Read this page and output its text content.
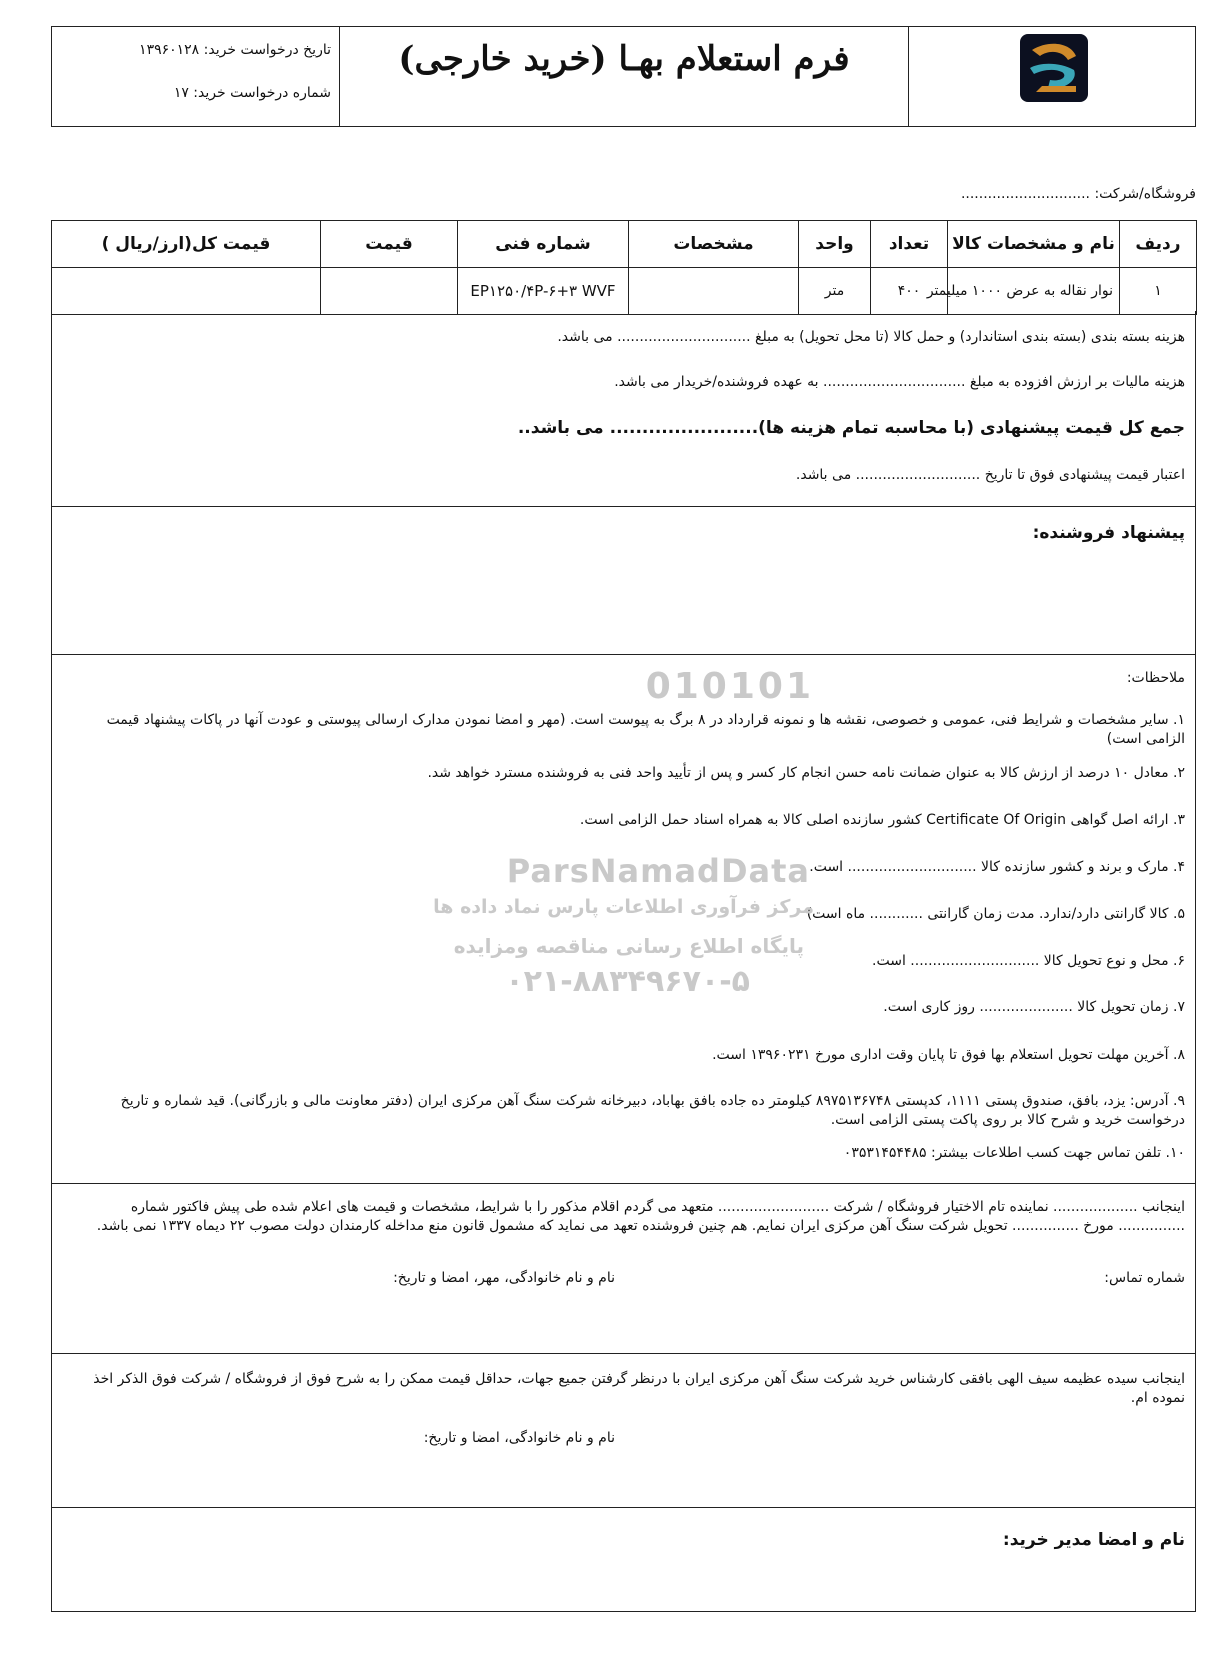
تاریخ درخواست خرید: ۱۳۹۶۰۱۲۸
شماره درخواست خرید: ۱۷
فرم استعلام بهـا (خرید خارجی)
فروشگاه/شرکت: .............................
ردیف	نام و مشخصات کالا	تعداد	واحد	مشخصات	شماره فنی	قیمت	قیمت کل(ارز/ریال )
۱	نوار نقاله به عرض ۱۰۰۰ میلیمتر	۴۰۰	متر		EP۱۲۵۰/۴P-۶+۳ WVF		
هزینه بسته بندی (بسته بندی استاندارد) و حمل کالا (تا محل تحویل) به مبلغ .............................. می باشد.
هزینه مالیات بر ارزش افزوده به مبلغ ................................ به عهده فروشنده/خریدار می باشد.
جمع کل قیمت پیشنهادی (با محاسبه تمام هزینه ها)....................... می باشد..
اعتبار قیمت پیشنهادی فوق تا تاریخ ............................ می باشد.
پیشنهاد فروشنده:
ملاحظات:
۱. سایر مشخصات و شرایط فنی، عمومی و خصوصی، نقشه ها و نمونه قرارداد در ۸ برگ به پیوست است. (مهر و امضا نمودن مدارک ارسالی پیوستی و عودت آنها در پاکات پیشنهاد قیمت الزامی است)
۲. معادل ۱۰ درصد از ارزش کالا به عنوان ضمانت نامه حسن انجام کار کسر و پس از تأیید واحد فنی به فروشنده مسترد خواهد شد.
۳. ارائه اصل گواهی Certificate Of Origin کشور سازنده اصلی کالا به همراه اسناد حمل الزامی است.
۴. مارک و برند و کشور سازنده کالا ............................. است.
۵. کالا گارانتی دارد/ندارد. مدت زمان گارانتی ............ ماه است)
۶. محل و نوع تحویل کالا ............................. است.
۷. زمان تحویل کالا ..................... روز کاری است.
۸. آخرین مهلت تحویل استعلام بها فوق تا پایان وقت اداری مورخ ۱۳۹۶۰۲۳۱ است.
۹. آدرس: یزد، بافق، صندوق پستی ۱۱۱۱، کدپستی ۸۹۷۵۱۳۶۷۴۸ کیلومتر ده جاده بافق بهاباد، دبیرخانه شرکت سنگ آهن مرکزی ایران (دفتر معاونت مالی و بازرگانی). قید شماره و تاریخ درخواست خرید و شرح کالا بر روی پاکت پستی الزامی است.
۱۰. تلفن تماس جهت کسب اطلاعات بیشتر: ۰۳۵۳۱۴۵۴۴۸۵
اینجانب ................... نماینده تام الاختیار فروشگاه / شرکت ......................... متعهد می گردم اقلام مذکور را با شرایط، مشخصات و قیمت های اعلام شده طی پیش فاکتور شماره ............... مورخ ............... تحویل شرکت سنگ آهن مرکزی ایران نمایم. هم چنین فروشنده تعهد می نماید که مشمول قانون منع مداخله کارمندان دولت مصوب ۲۲ دیماه ۱۳۳۷ نمی باشد.
شماره تماس:
نام و نام خانوادگی، مهر، امضا و تاریخ:
اینجانب سیده عظیمه سیف الهی بافقی کارشناس خرید شرکت سنگ آهن مرکزی ایران با درنظر گرفتن جمیع جهات، حداقل قیمت ممکن را به شرح فوق از فروشگاه / شرکت فوق الذکر اخذ نموده ام.
نام و نام خانوادگی، امضا و تاریخ:
نام و امضا مدیر خرید:
010101
ParsNamadData
مرکز فرآوری اطلاعات پارس نماد داده ها
پایگاه اطلاع رسانی مناقصه ومزایده
۰۲۱-۸۸۳۴۹۶۷۰-۵
